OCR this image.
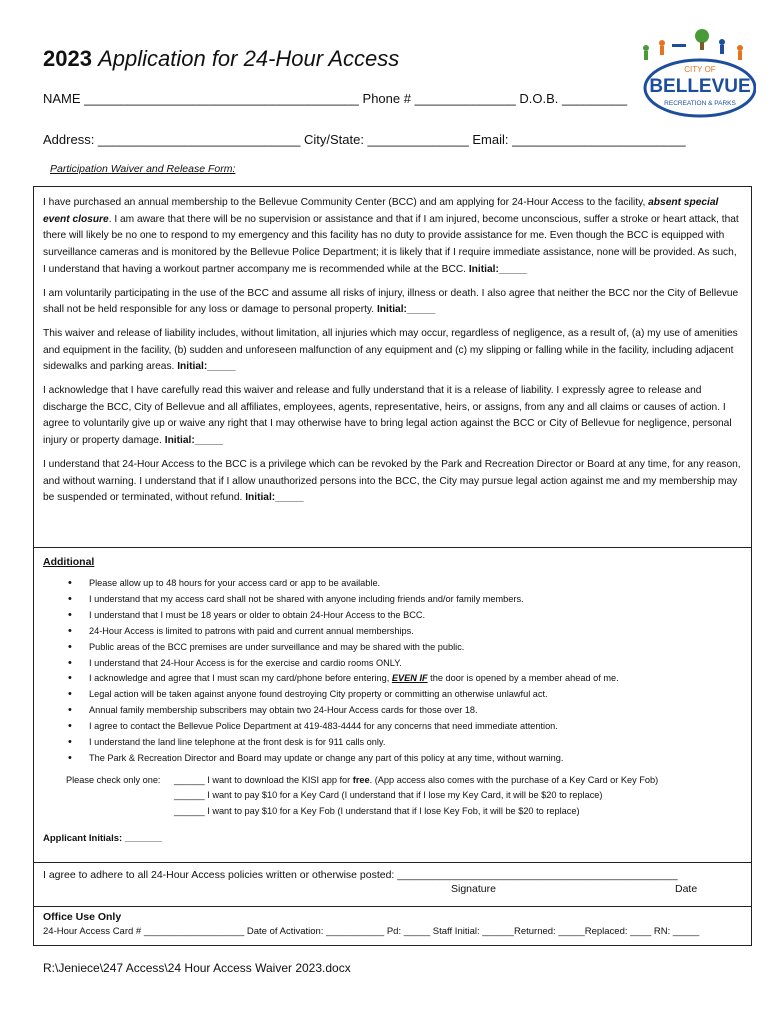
2023 Application for 24-Hour Access	CITY OF
BELLEVUE
RECREATION & PARKS
NAME ______________________________________ Phone # ______________ D.O.B. _________
Address: ____________________________ City/State: ______________ Email: ________________________
Participation Waiver and Release Form:

I have purchased an annual membership to the Bellevue Community Center (BCC) and am applying for 24-Hour Access to the facility, absent special event closure. I am aware that there will be no supervision or assistance and that if I am injured, become unconscious, suffer a stroke or heart attack, that there will likely be no one to respond to my emergency and this facility has no duty to provide assistance for me. Even though the BCC is equipped with surveillance cameras and is monitored by the Bellevue Police Department; it is likely that if I require immediate assistance, none will be provided. As such, I understand that having a workout partner accompany me is recommended while at the BCC. Initial:_____

I am voluntarily participating in the use of the BCC and assume all risks of injury, illness or death. I also agree that neither the BCC nor the City of Bellevue shall not be held responsible for any loss or damage to personal property. Initial:_____

This waiver and release of liability includes, without limitation, all injuries which may occur, regardless of negligence, as a result of, (a) my use of amenities and equipment in the facility, (b) sudden and unforeseen malfunction of any equipment and (c) my slipping or falling while in the facility, including adjacent sidewalks and parking areas. Initial:_____

I acknowledge that I have carefully read this waiver and release and fully understand that it is a release of liability. I expressly agree to release and discharge the BCC, City of Bellevue and all affiliates, employees, agents, representative, heirs, or assigns, from any and all claims or causes of action. I agree to voluntarily give up or waive any right that I may otherwise have to bring legal action against the BCC or City of Bellevue for negligence, personal injury or property damage. Initial:_____

I understand that 24-Hour Access to the BCC is a privilege which can be revoked by the Park and Recreation Director or Board at any time, for any reason, and without warning. I understand that if I allow unauthorized persons into the BCC, the City may pursue legal action against me and my membership may be suspended or terminated, without refund. Initial:_____

Additional
• Please allow up to 48 hours for your access card or app to be available.
• I understand that my access card shall not be shared with anyone including friends and/or family members.
• I understand that I must be 18 years or older to obtain 24-Hour Access to the BCC.
• 24-Hour Access is limited to patrons with paid and current annual memberships.
• Public areas of the BCC premises are under surveillance and may be shared with the public.
• I understand that 24-Hour Access is for the exercise and cardio rooms ONLY.
• I acknowledge and agree that I must scan my card/phone before entering, EVEN IF the door is opened by a member ahead of me.
• Legal action will be taken against anyone found destroying City property or committing an otherwise unlawful act.
• Annual family membership subscribers may obtain two 24-Hour Access cards for those over 18.
• I agree to contact the Bellevue Police Department at 419-483-4444 for any concerns that need immediate attention.
• I understand the land line telephone at the front desk is for 911 calls only.
• The Park & Recreation Director and Board may update or change any part of this policy at any time, without warning.
Please check only one: ______ I want to download the KISI app for free. (App access also comes with the purchase of a Key Card or Key Fob)
______ I want to pay $10 for a Key Card (I understand that if I lose my Key Card, it will be $20 to replace)
______ I want to pay $10 for a Key Fob (I understand that if I lose Key Fob, it will be $20 to replace)
Applicant Initials: _______
I agree to adhere to all 24-Hour Access policies written or otherwise posted: ________________________________________________
Signature	Date
Office Use Only
24-Hour Access Card # ___________________ Date of Activation: ___________ Pd: _____ Staff Initial: ______Returned: _____Replaced: ____ RN: _____
R:\Jeniece\247 Access\24 Hour Access Waiver 2023.docx
